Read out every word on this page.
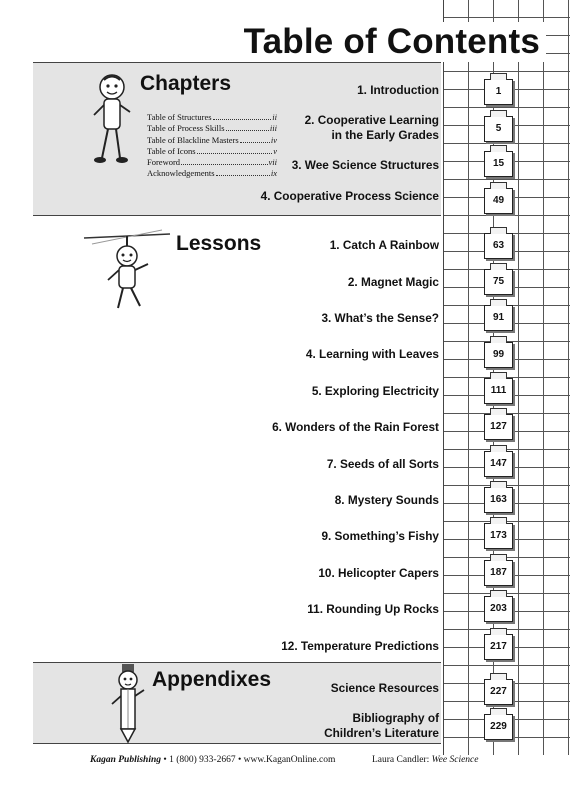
Table of Contents
Chapters
Table of Structures	ii
Table of Process Skills	iii
Table of Blackline Masters	iv
Table of Icons	v
Foreword	vii
Acknowledgements	ix
1. Introduction	1
2. Cooperative Learning
in the Early Grades	5
3. Wee Science Structures	15
4. Cooperative Process Science	49
Lessons	1. Catch A Rainbow	63
2. Magnet Magic	75
3. What’s the Sense?	91
4. Learning with Leaves	99
5. Exploring Electricity	111
6. Wonders of the Rain Forest	127
7. Seeds of all Sorts	147
8. Mystery Sounds	163
9. Something’s Fishy	173
10. Helicopter Capers	187
11. Rounding Up Rocks	203
12. Temperature Predictions	217
Appendixes	Science Resources	227
Bibliography of
Children’s Literature	229
Kagan Publishing • 1 (800) 933-2667 • www.KaganOnline.com	Laura Candler: Wee Science
